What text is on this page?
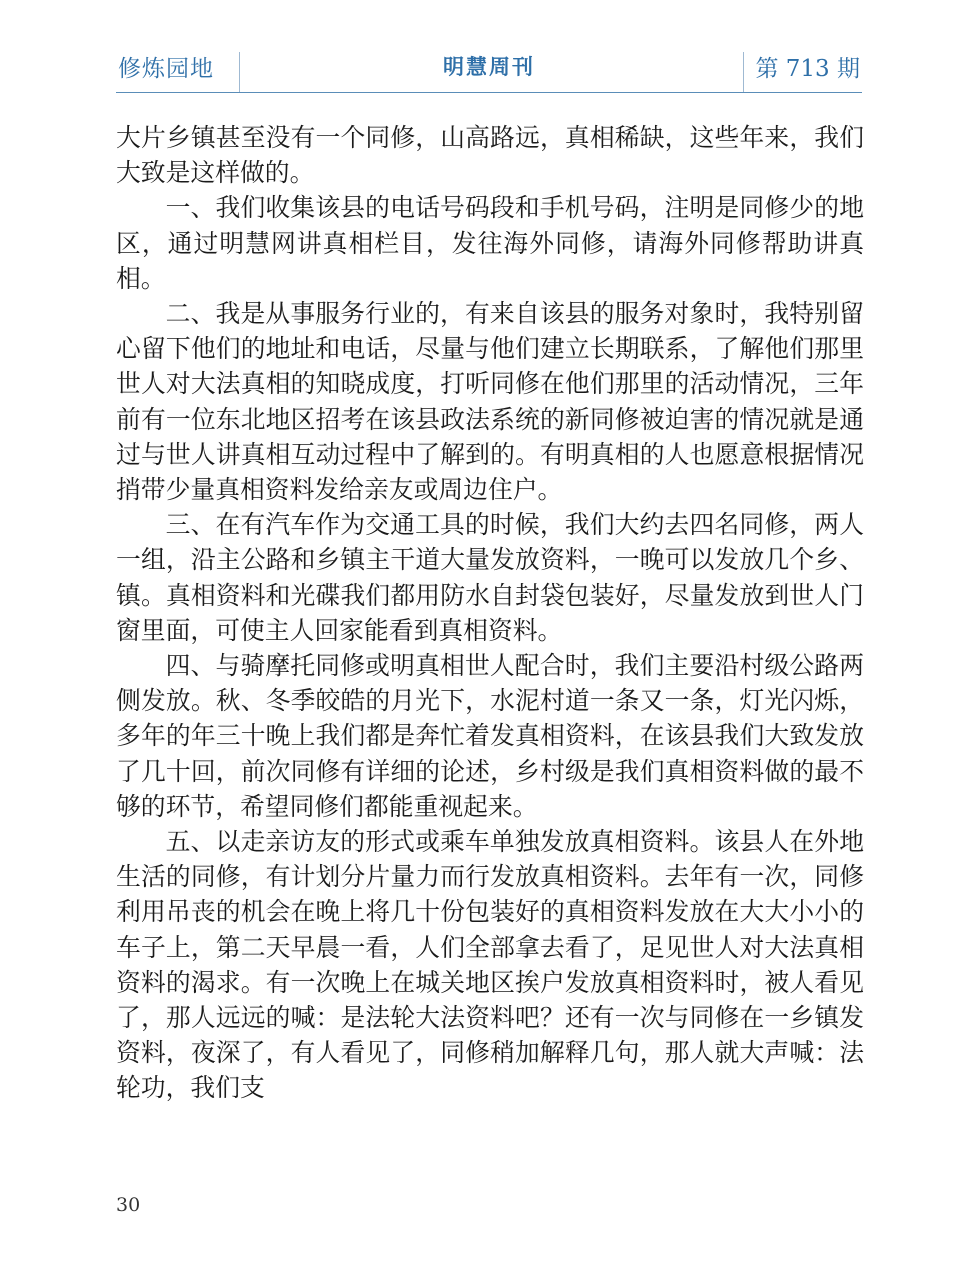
修炼园地	明慧周刊	第 713 期

大片乡镇甚至没有一个同修，山高路远，真相稀缺，这些年来，我们大致是这样做的。

一、我们收集该县的电话号码段和手机号码，注明是同修少的地区，通过明慧网讲真相栏目，发往海外同修，请海外同修帮助讲真相。

二、我是从事服务行业的，有来自该县的服务对象时，我特别留心留下他们的地址和电话，尽量与他们建立长期联系，了解他们那里世人对大法真相的知晓成度，打听同修在他们那里的活动情况，三年前有一位东北地区招考在该县政法系统的新同修被迫害的情况就是通过与世人讲真相互动过程中了解到的。有明真相的人也愿意根据情况捎带少量真相资料发给亲友或周边住户。

三、在有汽车作为交通工具的时候，我们大约去四名同修，两人一组，沿主公路和乡镇主干道大量发放资料，一晚可以发放几个乡、镇。真相资料和光碟我们都用防水自封袋包装好，尽量发放到世人门窗里面，可使主人回家能看到真相资料。

四、与骑摩托同修或明真相世人配合时，我们主要沿村级公路两侧发放。秋、冬季皎皓的月光下，水泥村道一条又一条，灯光闪烁，多年的年三十晚上我们都是奔忙着发真相资料，在该县我们大致发放了几十回，前次同修有详细的论述，乡村级是我们真相资料做的最不够的环节，希望同修们都能重视起来。

五、以走亲访友的形式或乘车单独发放真相资料。该县人在外地生活的同修，有计划分片量力而行发放真相资料。去年有一次，同修利用吊丧的机会在晚上将几十份包装好的真相资料发放在大大小小的车子上，第二天早晨一看，人们全部拿去看了，足见世人对大法真相资料的渴求。有一次晚上在城关地区挨户发放真相资料时，被人看见了，那人远远的喊：是法轮大法资料吧？还有一次与同修在一乡镇发资料，夜深了，有人看见了，同修稍加解释几句，那人就大声喊：法轮功，我们支

30
